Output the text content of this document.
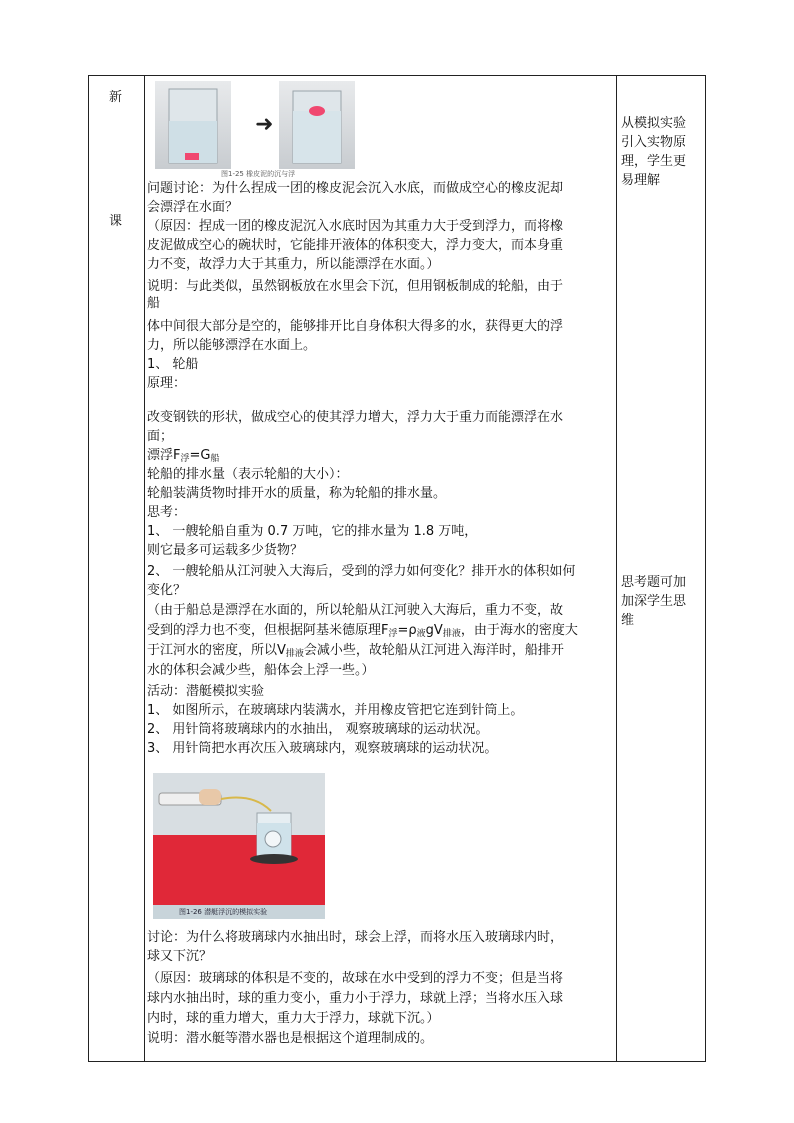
新
课
从模拟实验
引入实物原
理，学生更
易理解
思考题可加
加深学生思
维
➜
图1-25 橡皮泥的沉与浮
问题讨论：为什么捏成一团的橡皮泥会沉入水底，而做成空心的橡皮泥却
会漂浮在水面？
（原因：捏成一团的橡皮泥沉入水底时因为其重力大于受到浮力，而将橡
皮泥做成空心的碗状时，它能排开液体的体积变大，浮力变大，而本身重
力不变，故浮力大于其重力，所以能漂浮在水面。）
说明：与此类似，虽然钢板放在水里会下沉，但用钢板制成的轮船，由于
船
体中间很大部分是空的，能够排开比自身体积大得多的水，获得更大的浮
力，所以能够漂浮在水面上。
1、 轮船
原理：
改变钢铁的形状，做成空心的使其浮力增大，浮力大于重力而能漂浮在水
面；
漂浮F浮=G船
轮船的排水量（表示轮船的大小）：
轮船装满货物时排开水的质量，称为轮船的排水量。
思考：
1、 一艘轮船自重为 0.7 万吨，它的排水量为 1.8 万吨，
则它最多可运载多少货物？
2、 一艘轮船从江河驶入大海后，受到的浮力如何变化？排开水的体积如何
变化？
（由于船总是漂浮在水面的，所以轮船从江河驶入大海后，重力不变，故
受到的浮力也不变，但根据阿基米德原理F浮=ρ液gV排液，由于海水的密度大
于江河水的密度，所以V排液会减小些，故轮船从江河进入海洋时，船排开
水的体积会减少些，船体会上浮一些。）
活动：潜艇模拟实验
1、 如图所示，在玻璃球内装满水，并用橡皮管把它连到针筒上。
2、 用针筒将玻璃球内的水抽出， 观察玻璃球的运动状况。
3、 用针筒把水再次压入玻璃球内，观察玻璃球的运动状况。
图1-26 潜艇浮沉的模拟实验
讨论：为什么将玻璃球内水抽出时，球会上浮，而将水压入玻璃球内时，
球又下沉？
（原因：玻璃球的体积是不变的，故球在水中受到的浮力不变；但是当将
球内水抽出时，球的重力变小，重力小于浮力，球就上浮；当将水压入球
内时，球的重力增大，重力大于浮力，球就下沉。）
说明：潜水艇等潜水器也是根据这个道理制成的。
